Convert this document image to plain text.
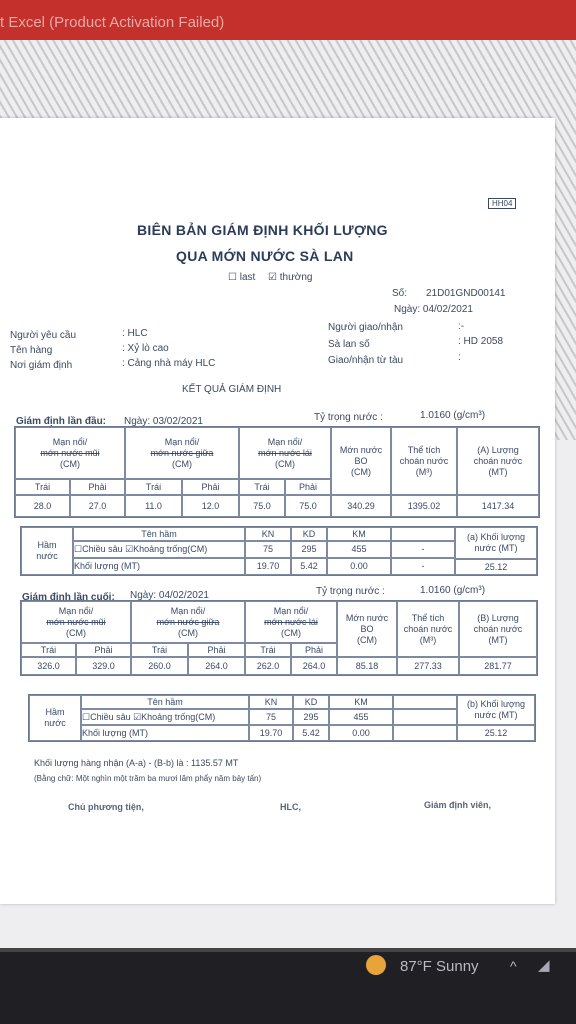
t Excel (Product Activation Failed)
HH04
BIÊN BẢN GIÁM ĐỊNH KHỐI LƯỢNG
QUA MỚN NƯỚC SÀ LAN
☐ last ☑ thường
Số: 21D01GND00141
Ngày: 04/02/2021
Người yêu cầu	: HLC
Tên hàng	: Xỷ lò cao
Nơi giám định	: Cảng nhà máy HLC
Người giao/nhận	:-
Sà lan số	: HD 2058
Giao/nhận từ tàu	:
KẾT QUẢ GIÁM ĐỊNH
Giám định lần đầu: Ngày: 03/02/2021	Tỷ trọng nước :	1.0160 (g/cm³)
Mạn nổi/
mớn nước mũi
(CM)
Mạn nổi/
mớn nước giữa
(CM)
Mạn nổi/
mớn nước lái
(CM)
Mớn nước
BO
(CM)
Thể tích
choán nước
(M³)
(A) Lượng
choán nước
(MT)
Trái	Phải	Trái	Phải	Trái	Phải
28.0	27.0	11.0	12.0	75.0	75.0	340.29	1395.02	1417.34
Hầm
nước
Tên hầm	KN	KD	KM	(a) Khối lượng
nước (MT)
☐Chiều sâu ☑Khoảng trống(CM)	75	295	455	-
Khối lượng (MT)	19.70	5.42	0.00	-	25.12
Giám định lần cuối: Ngày: 04/02/2021	Tỷ trọng nước :	1.0160 (g/cm³)
Mạn nổi/
mớn nước mũi
(CM)
Mạn nổi/
mớn nước giữa
(CM)
Mạn nổi/
mớn nước lái
(CM)
Mớn nước
BO
(CM)
Thể tích
choán nước
(M³)
(B) Lượng
choán nước
(MT)
Trái	Phải	Trái	Phải	Trái	Phải
326.0	329.0	260.0	264.0	262.0	264.0	85.18	277.33	281.77
Hầm
nước
Tên hầm	KN	KD	KM	(b) Khối lượng
nước (MT)
☐Chiều sâu ☑Khoảng trống(CM)	75	295	455
Khối lượng (MT)	19.70	5.42	0.00	25.12
Khối lượng hàng nhận (A-a) - (B-b) là : 1135.57 MT
(Bằng chữ: Một nghìn một trăm ba mươi lăm phẩy năm bảy tấn)
Chủ phương tiện,	HLC,	Giám định viên,
87°F Sunny ^ ◢
